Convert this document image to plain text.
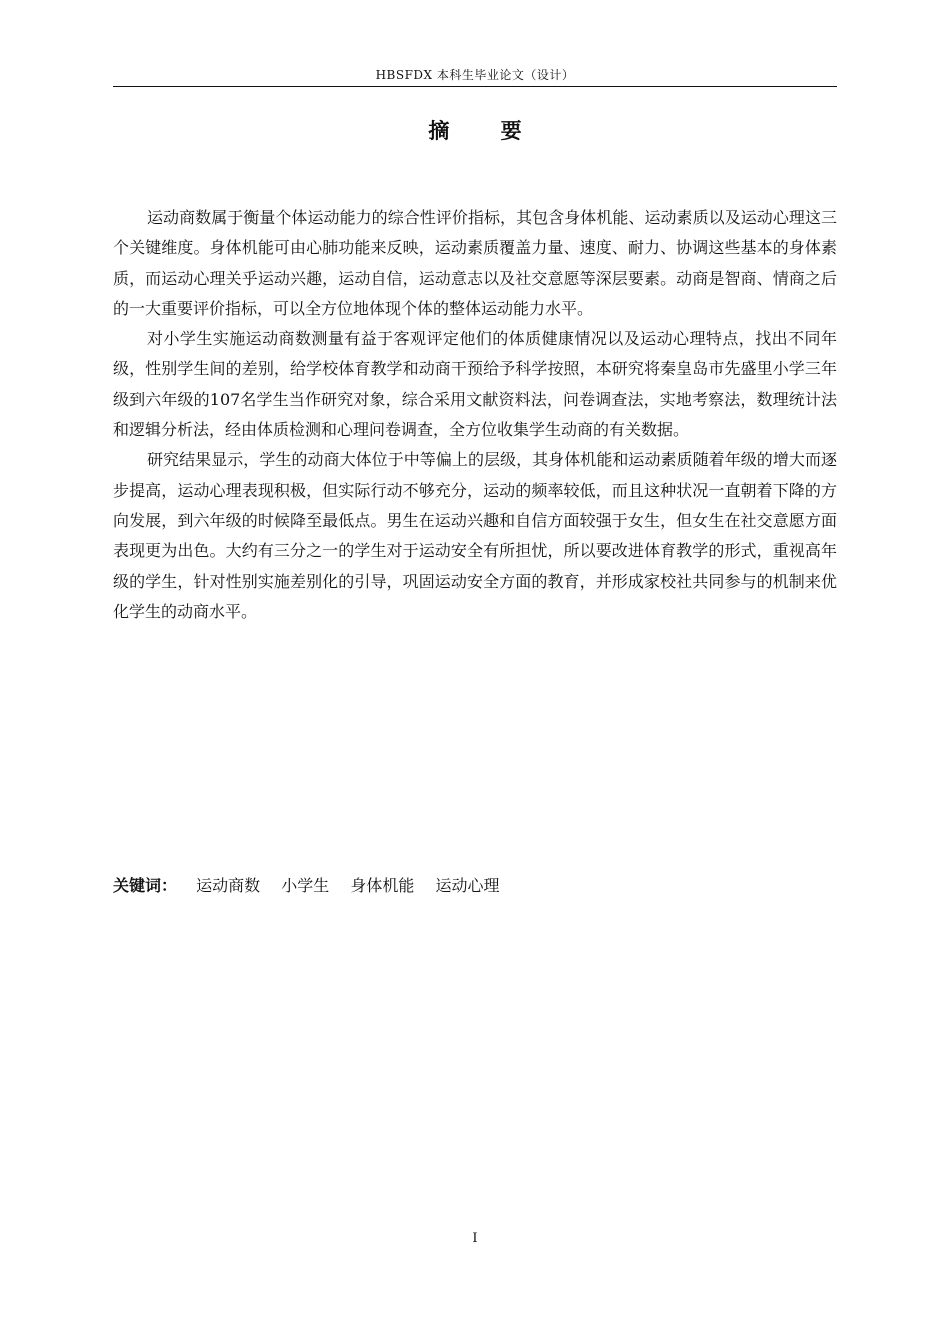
HBSFDX 本科生毕业论文（设计）
摘 要

运动商数属于衡量个体运动能力的综合性评价指标，其包含身体机能、运动素质以及运动心理这三个关键维度。身体机能可由心肺功能来反映，运动素质覆盖力量、速度、耐力、协调这些基本的身体素质，而运动心理关乎运动兴趣，运动自信，运动意志以及社交意愿等深层要素。动商是智商、情商之后的一大重要评价指标，可以全方位地体现个体的整体运动能力水平。

对小学生实施运动商数测量有益于客观评定他们的体质健康情况以及运动心理特点，找出不同年级，性别学生间的差别，给学校体育教学和动商干预给予科学按照，本研究将秦皇岛市先盛里小学三年级到六年级的107名学生当作研究对象，综合采用文献资料法，问卷调查法，实地考察法，数理统计法和逻辑分析法，经由体质检测和心理问卷调查，全方位收集学生动商的有关数据。

研究结果显示，学生的动商大体位于中等偏上的层级，其身体机能和运动素质随着年级的增大而逐步提高，运动心理表现积极，但实际行动不够充分，运动的频率较低，而且这种状况一直朝着下降的方向发展，到六年级的时候降至最低点。男生在运动兴趣和自信方面较强于女生，但女生在社交意愿方面表现更为出色。大约有三分之一的学生对于运动安全有所担忧，所以要改进体育教学的形式，重视高年级的学生，针对性别实施差别化的引导，巩固运动安全方面的教育，并形成家校社共同参与的机制来优化学生的动商水平。

关键词： 运动商数 小学生 身体机能 运动心理
I
